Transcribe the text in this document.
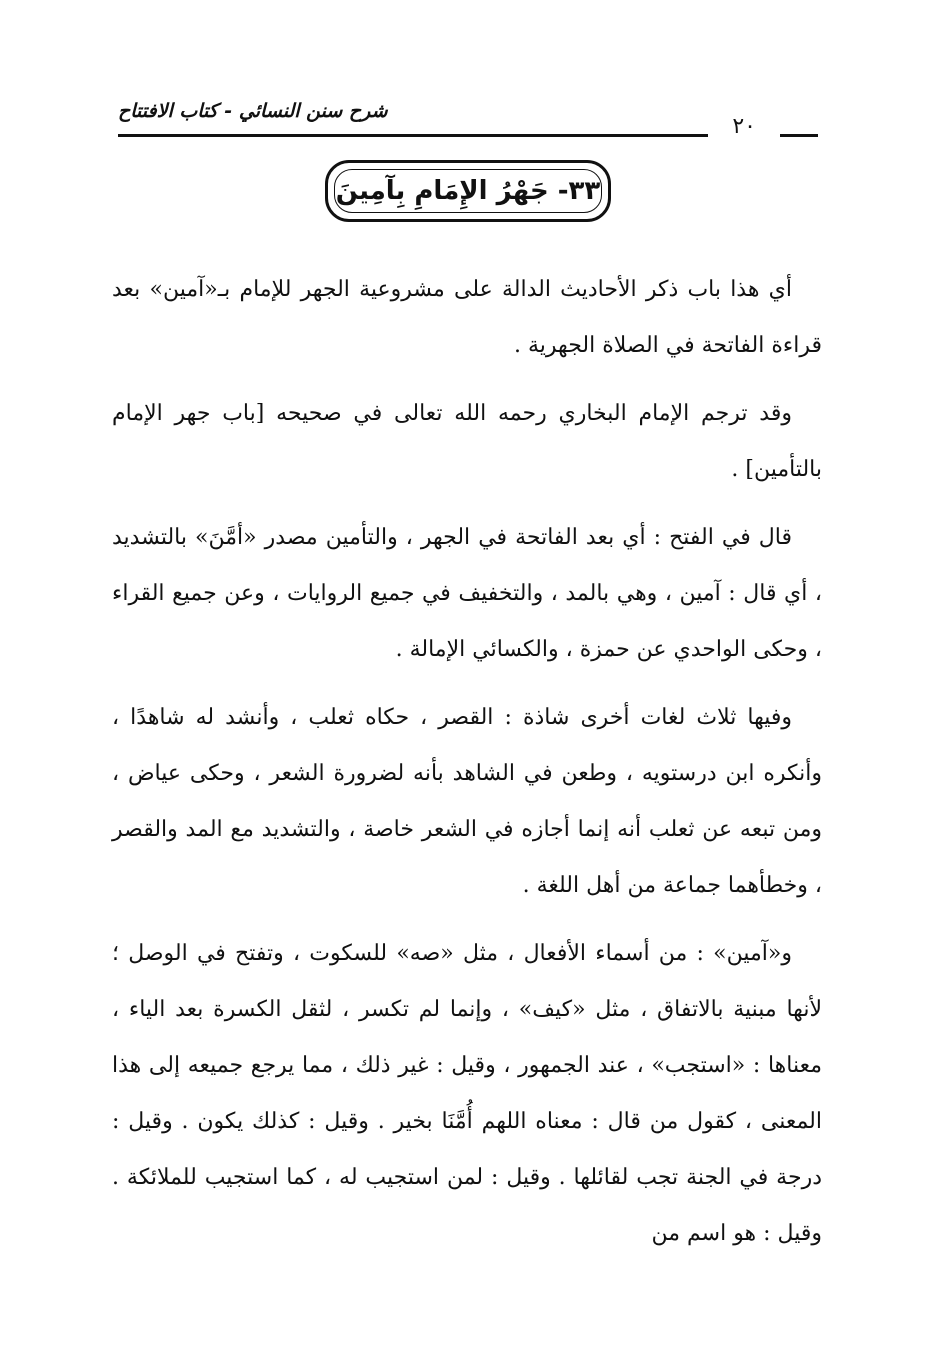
شرح سنن النسائي - كتاب الافتتاح
٢٠
٣٣- جَهْرُ الإِمَامِ بِآمِينَ

أي هذا باب ذكر الأحاديث الدالة على مشروعية الجهر للإمام بـ«آمين» بعد قراءة الفاتحة في الصلاة الجهرية .

وقد ترجم الإمام البخاري رحمه الله تعالى في صحيحه [باب جهر الإمام بالتأمين] .

قال في الفتح : أي بعد الفاتحة في الجهر ، والتأمين مصدر «أمَّنَ» بالتشديد ، أي قال : آمين ، وهي بالمد ، والتخفيف في جميع الروايات ، وعن جميع القراء ، وحكى الواحدي عن حمزة ، والكسائي الإمالة .

وفيها ثلاث لغات أخرى شاذة : القصر ، حكاه ثعلب ، وأنشد له شاهدًا ، وأنكره ابن درستويه ، وطعن في الشاهد بأنه لضرورة الشعر ، وحكى عياض ، ومن تبعه عن ثعلب أنه إنما أجازه في الشعر خاصة ، والتشديد مع المد والقصر ، وخطأهما جماعة من أهل اللغة .

و«آمين» : من أسماء الأفعال ، مثل «صه» للسكوت ، وتفتح في الوصل ؛ لأنها مبنية بالاتفاق ، مثل «كيف» ، وإنما لم تكسر ، لثقل الكسرة بعد الياء ، معناها : «استجب» ، عند الجمهور ، وقيل : غير ذلك ، مما يرجع جميعه إلى هذا المعنى ، كقول من قال : معناه اللهم أُمَّنَا بخير . وقيل : كذلك يكون . وقيل : درجة في الجنة تجب لقائلها . وقيل : لمن استجيب له ، كما استجيب للملائكة . وقيل : هو اسم من
